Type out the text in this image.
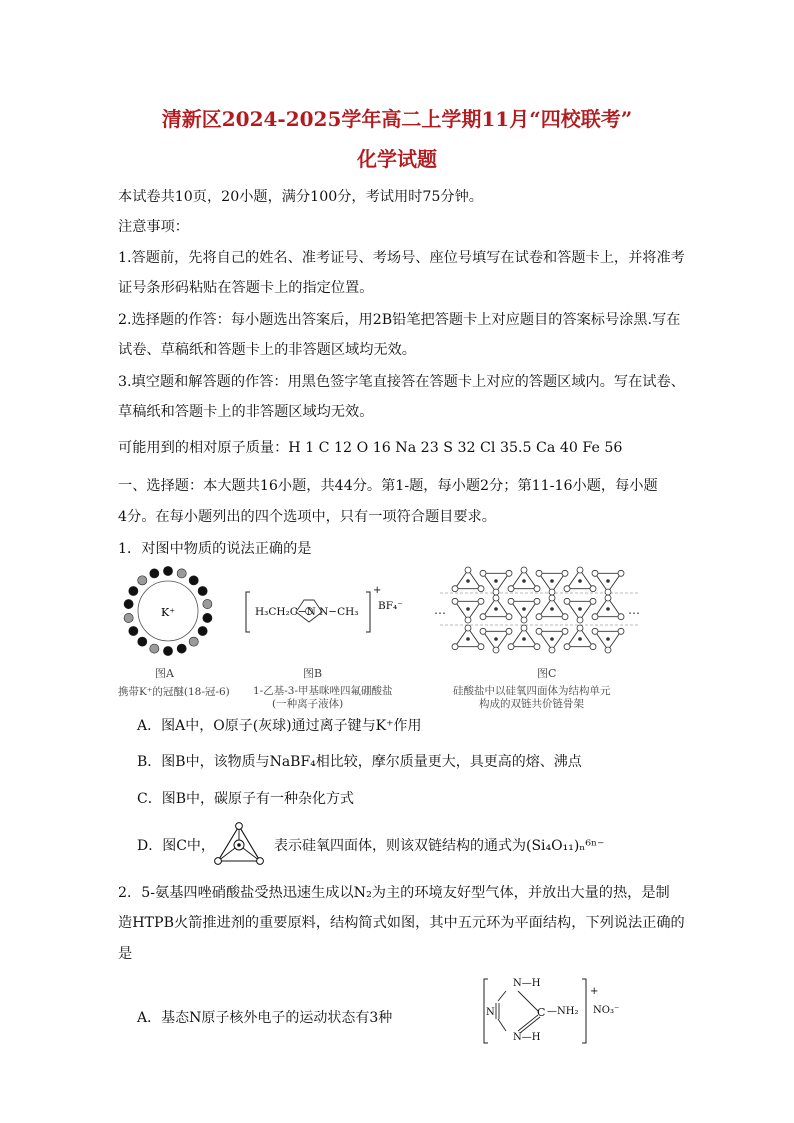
清新区2024-2025学年高二上学期11月“四校联考”
化学试题
本试卷共10页，20小题，满分100分，考试用时75分钟。
注意事项：
1.答题前，先将自己的姓名、准考证号、考场号、座位号填写在试卷和答题卡上，并将准考
证号条形码粘贴在答题卡上的指定位置。
2.选择题的作答：每小题选出答案后，用2B铅笔把答题卡上对应题目的答案标号涂黑.写在
试卷、草稿纸和答题卡上的非答题区域均无效。
3.填空题和解答题的作答：用黑色签字笔直接答在答题卡上对应的答题区域内。写在试卷、
草稿纸和答题卡上的非答题区域均无效。
可能用到的相对原子质量：H 1 C 12 O 16 Na 23 S 32 Cl 35.5 Ca 40 Fe 56
一、选择题：本大题共16小题，共44分。第1-题，每小题2分；第11-16小题，每小题
4分。在每小题列出的四个选项中，只有一项符合题目要求。
1．对图中物质的说法正确的是
K⁺
图A
携带K⁺的冠醚(18-冠-6)
H₃CH₂C−N N−CH₃
+
BF₄⁻
图B
1-乙基-3-甲基咪唑四氟硼酸盐
(一种离子液体)
…	…
图C
硅酸盐中以硅氧四面体为结构单元
构成的双链共价链骨架
A．图A中，O原子(灰球)通过离子键与K⁺作用
B．图B中，该物质与NaBF₄相比较，摩尔质量更大，具更高的熔、沸点
C．图B中，碳原子有一种杂化方式
D．图C中，	表示硅氧四面体，则该双链结构的通式为(Si₄O₁₁)ₙ⁶ⁿ⁻
2．5-氨基四唑硝酸盐受热迅速生成以N₂为主的环境友好型气体，并放出大量的热，是制
造HTPB火箭推进剂的重要原料，结构简式如图，其中五元环为平面结构，下列说法正确的
是
A．基态N原子核外电子的运动状态有3种
N—H
N	C —NH₂
N—H
+
NO₃⁻
